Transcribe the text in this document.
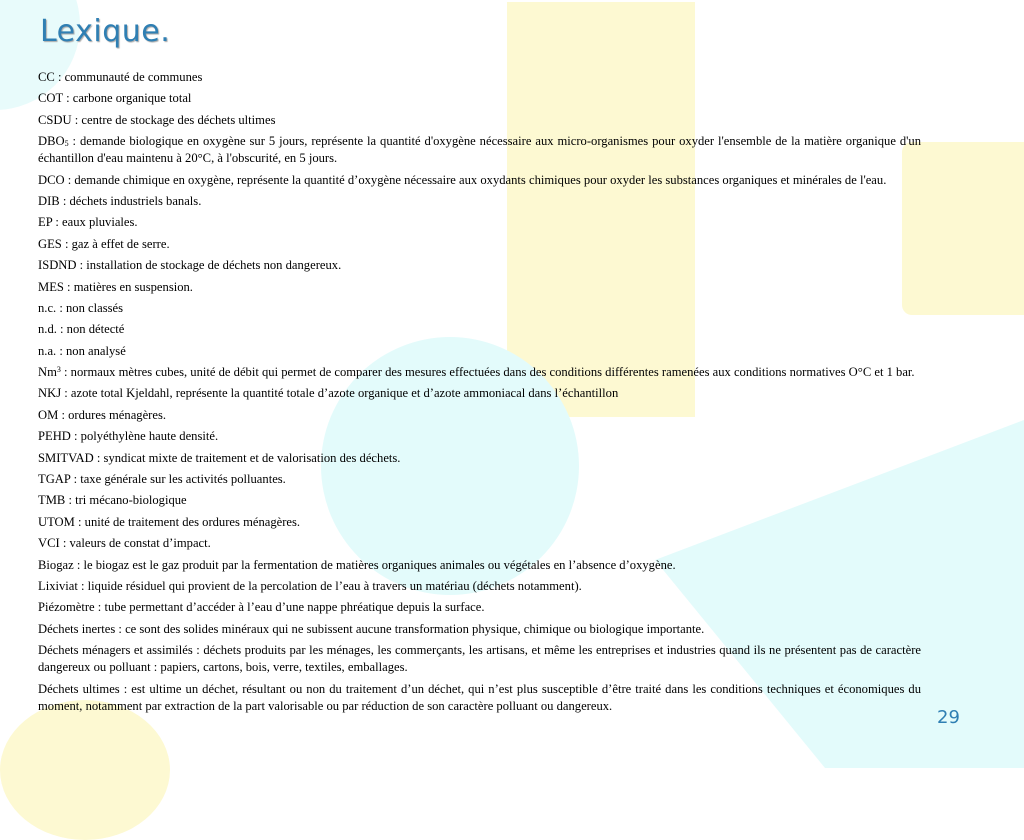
Lexique.

CC : communauté de communes

COT : carbone organique total

CSDU : centre de stockage des déchets ultimes

$DBO_5$ : demande biologique en oxygène sur 5 jours, représente la quantité d'oxygène nécessaire aux micro-organismes pour oxyder l'ensemble de la matière organique d'un échantillon d'eau maintenu à 20°C, à l'obscurité, en 5 jours.

DCO : demande chimique en oxygène, représente la quantité d’oxygène nécessaire aux oxydants chimiques pour oxyder les substances organiques et minérales de l'eau.

DIB : déchets industriels banals.

EP : eaux pluviales.

GES : gaz à effet de serre.

ISDND : installation de stockage de déchets non dangereux.

MES : matières en suspension.

n.c. : non classés

n.d. : non détecté

n.a. : non analysé

Nm$^3$ : normaux mètres cubes, unité de débit qui permet de comparer des mesures effectuées dans des conditions différentes ramenées aux conditions normatives O°C et 1 bar.

NKJ : azote total Kjeldahl, représente la quantité totale d’azote organique et d’azote ammoniacal dans l’échantillon

OM : ordures ménagères.

PEHD : polyéthylène haute densité.

SMITVAD : syndicat mixte de traitement et de valorisation des déchets.

TGAP : taxe générale sur les activités polluantes.

TMB : tri mécano-biologique

UTOM : unité de traitement des ordures ménagères.

VCI : valeurs de constat d’impact.

Biogaz : le biogaz est le gaz produit par la fermentation de matières organiques animales ou végétales en l’absence d’oxygène.

Lixiviat : liquide résiduel qui provient de la percolation de l’eau à travers un matériau (déchets notamment).

Piézomètre : tube permettant d’accéder à l’eau d’une nappe phréatique depuis la surface.

Déchets inertes : ce sont des solides minéraux qui ne subissent aucune transformation physique, chimique ou biologique importante.

Déchets ménagers et assimilés : déchets produits par les ménages, les commerçants, les artisans, et même les entreprises et industries quand ils ne présentent pas de caractère dangereux ou polluant : papiers, cartons, bois, verre, textiles, emballages.

Déchets ultimes : est ultime un déchet, résultant ou non du traitement d’un déchet, qui n’est plus susceptible d’être traité dans les conditions techniques et économiques du moment, notamment par extraction de la part valorisable ou par réduction de son caractère polluant ou dangereux.

29
